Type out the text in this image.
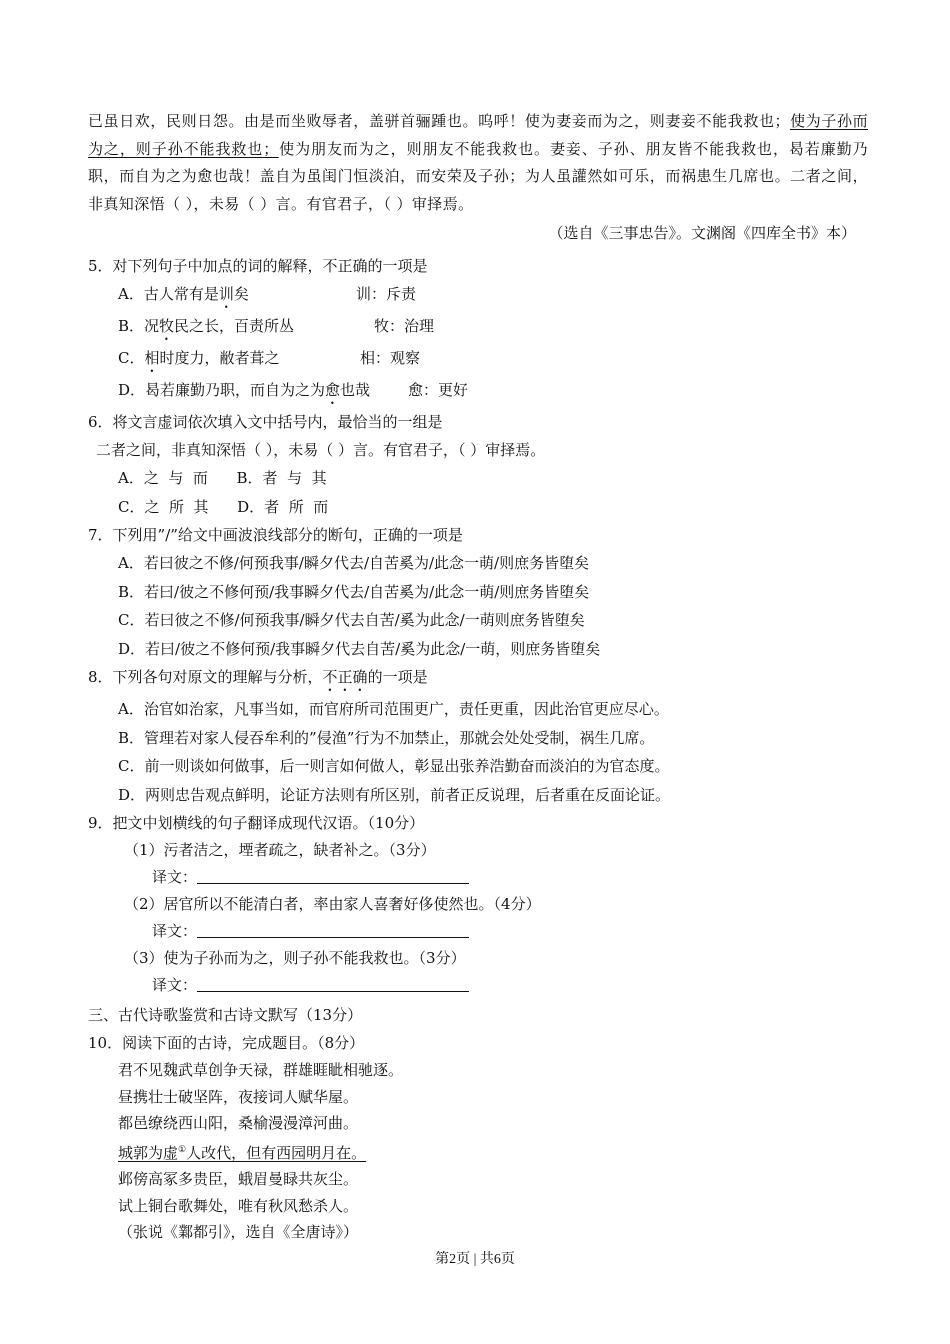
已虽日欢，民则日怨。由是而坐败辱者，盖骈首骊踵也。呜呼！使为妻妾而为之，则妻妾不能我救也；使为子孙而为之，则子孙不能我救也；使为朋友而为之，则朋友不能我救也。妻妾、子孙、朋友皆不能我救也，曷若廉勤乃职，而自为之为愈也哉！盖自为虽闺门恒淡泊，而安荣及子孙；为人虽讙然如可乐，而祸患生几席也。二者之间，非真知深悟（ ），未易（ ）言。有官君子，（ ）审择焉。
（选自《三事忠告》。文渊阁《四库全书》本）
5．对下列句子中加点的词的解释，不正确的一项是
A．古人常有是训矣	训：斥责
B．况牧民之长，百责所丛	牧：治理
C．相时度力，敝者葺之	相：观察
D．曷若廉勤乃职，而自为之为愈也哉	愈：更好
6．将文言虚词依次填入文中括号内，最恰当的一组是
二者之间，非真知深悟（ ），未易（ ）言。有官君子，（ ）审择焉。
A．之  与  而      B．者  与  其
C．之  所  其      D．者  所  而
7．下列用”/”给文中画波浪线部分的断句，正确的一项是
A．若曰彼之不修/何预我事/瞬夕代去/自苦奚为/此念一萌/则庶务皆堕矣
B．若曰/彼之不修何预/我事瞬夕代去/自苦奚为/此念一萌/则庶务皆堕矣
C．若曰彼之不修/何预我事/瞬夕代去自苦/奚为此念/一萌则庶务皆堕矣
D．若曰/彼之不修何预/我事瞬夕代去自苦/奚为此念/一萌，则庶务皆堕矣
8．下列各句对原文的理解与分析，不正确的一项是
A．治官如治家，凡事当如，而官府所司范围更广，责任更重，因此治官更应尽心。
B．管理若对家人侵吞牟利的”侵渔”行为不加禁止，那就会处处受制，祸生几席。
C．前一则谈如何做事，后一则言如何做人，彰显出张养浩勤奋而淡泊的为官态度。
D．两则忠告观点鲜明，论证方法则有所区别，前者正反说理，后者重在反面论证。
9．把文中划横线的句子翻译成现代汉语。（10分）
（1）污者洁之，堙者疏之，缺者补之。（3分）
译文：
（2）居官所以不能清白者，率由家人喜奢好侈使然也。（4分）
译文：
（3）使为子孙而为之，则子孙不能我救也。（3分）
译文：
三、古代诗歌鉴赏和古诗文默写（13分）
10．阅读下面的古诗，完成题目。（8分）
君不见魏武草创争天禄，群雄睚眦相驰逐。
昼携壮士破坚阵，夜接词人赋华屋。
都邑缭绕西山阳，桑榆漫漫漳河曲。
城郭为虚①人改代，但有西园明月在。
邺傍高冢多贵臣，蛾眉曼睩共灰尘。
试上铜台歌舞处，唯有秋风愁杀人。
（张说《鄴都引》，选自《全唐诗》）
第2页 | 共6页
